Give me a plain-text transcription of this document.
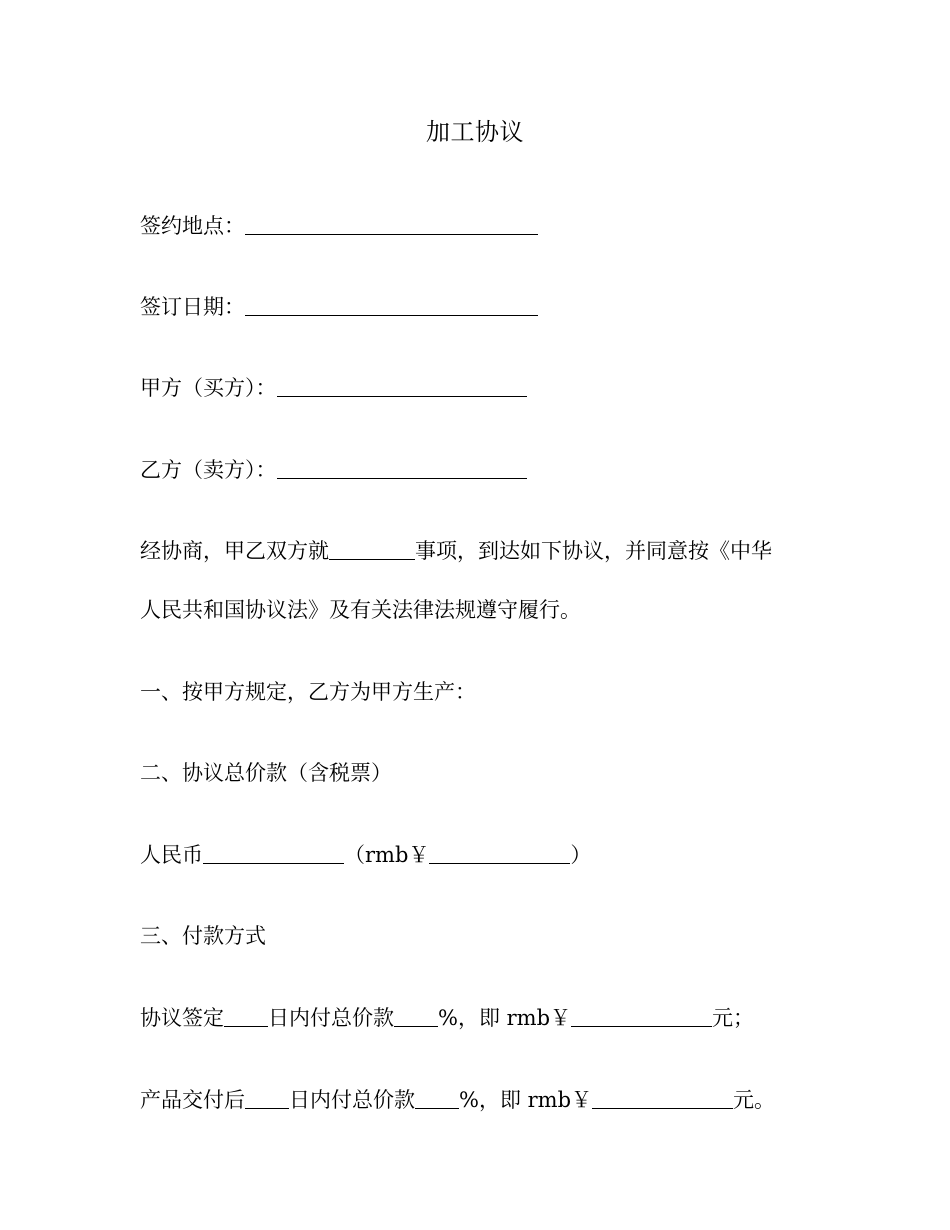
加工协议
签约地点：
签订日期：
甲方（买方）：
乙方（卖方）：
经协商，甲乙双方就	事项，到达如下协议，并同意按《中华
人民共和国协议法》及有关法律法规遵守履行。
一、按甲方规定，乙方为甲方生产：
二、协议总价款（含税票）
人民币	（rmb￥	）
三、付款方式
协议签定 日内付总价款 %，即 rmb￥	元；
产品交付后 日内付总价款 %，即 rmb￥	元。
